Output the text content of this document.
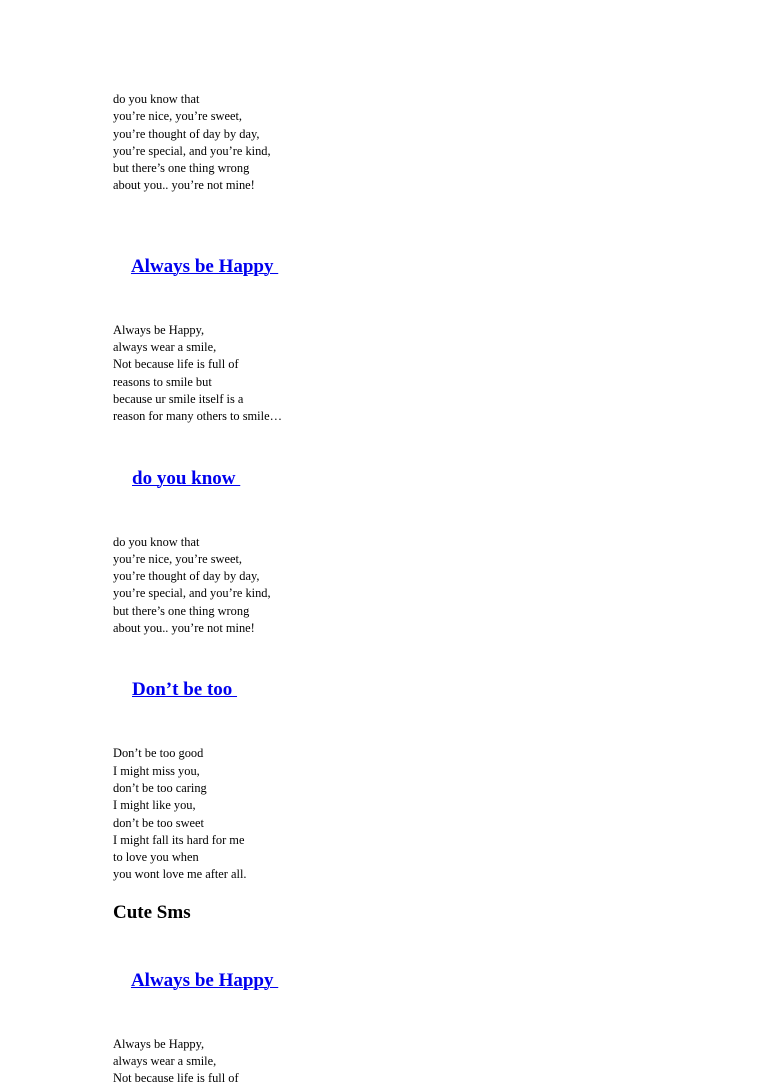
do you know that
you’re nice, you’re sweet,
you’re thought of day by day,
you’re special, and you’re kind,
but there’s one thing wrong
about you.. you’re not mine!

Always be Happy

Always be Happy,
always wear a smile,
Not because life is full of
reasons to smile but
because ur smile itself is a
reason for many others to smile…

do you know

do you know that
you’re nice, you’re sweet,
you’re thought of day by day,
you’re special, and you’re kind,
but there’s one thing wrong
about you.. you’re not mine!

Don’t be too

Don’t be too good
I might miss you,
don’t be too caring
I might like you,
don’t be too sweet
I might fall its hard for me
to love you when
you wont love me after all.
Cute Sms

Always be Happy

Always be Happy,
always wear a smile,
Not because life is full of
